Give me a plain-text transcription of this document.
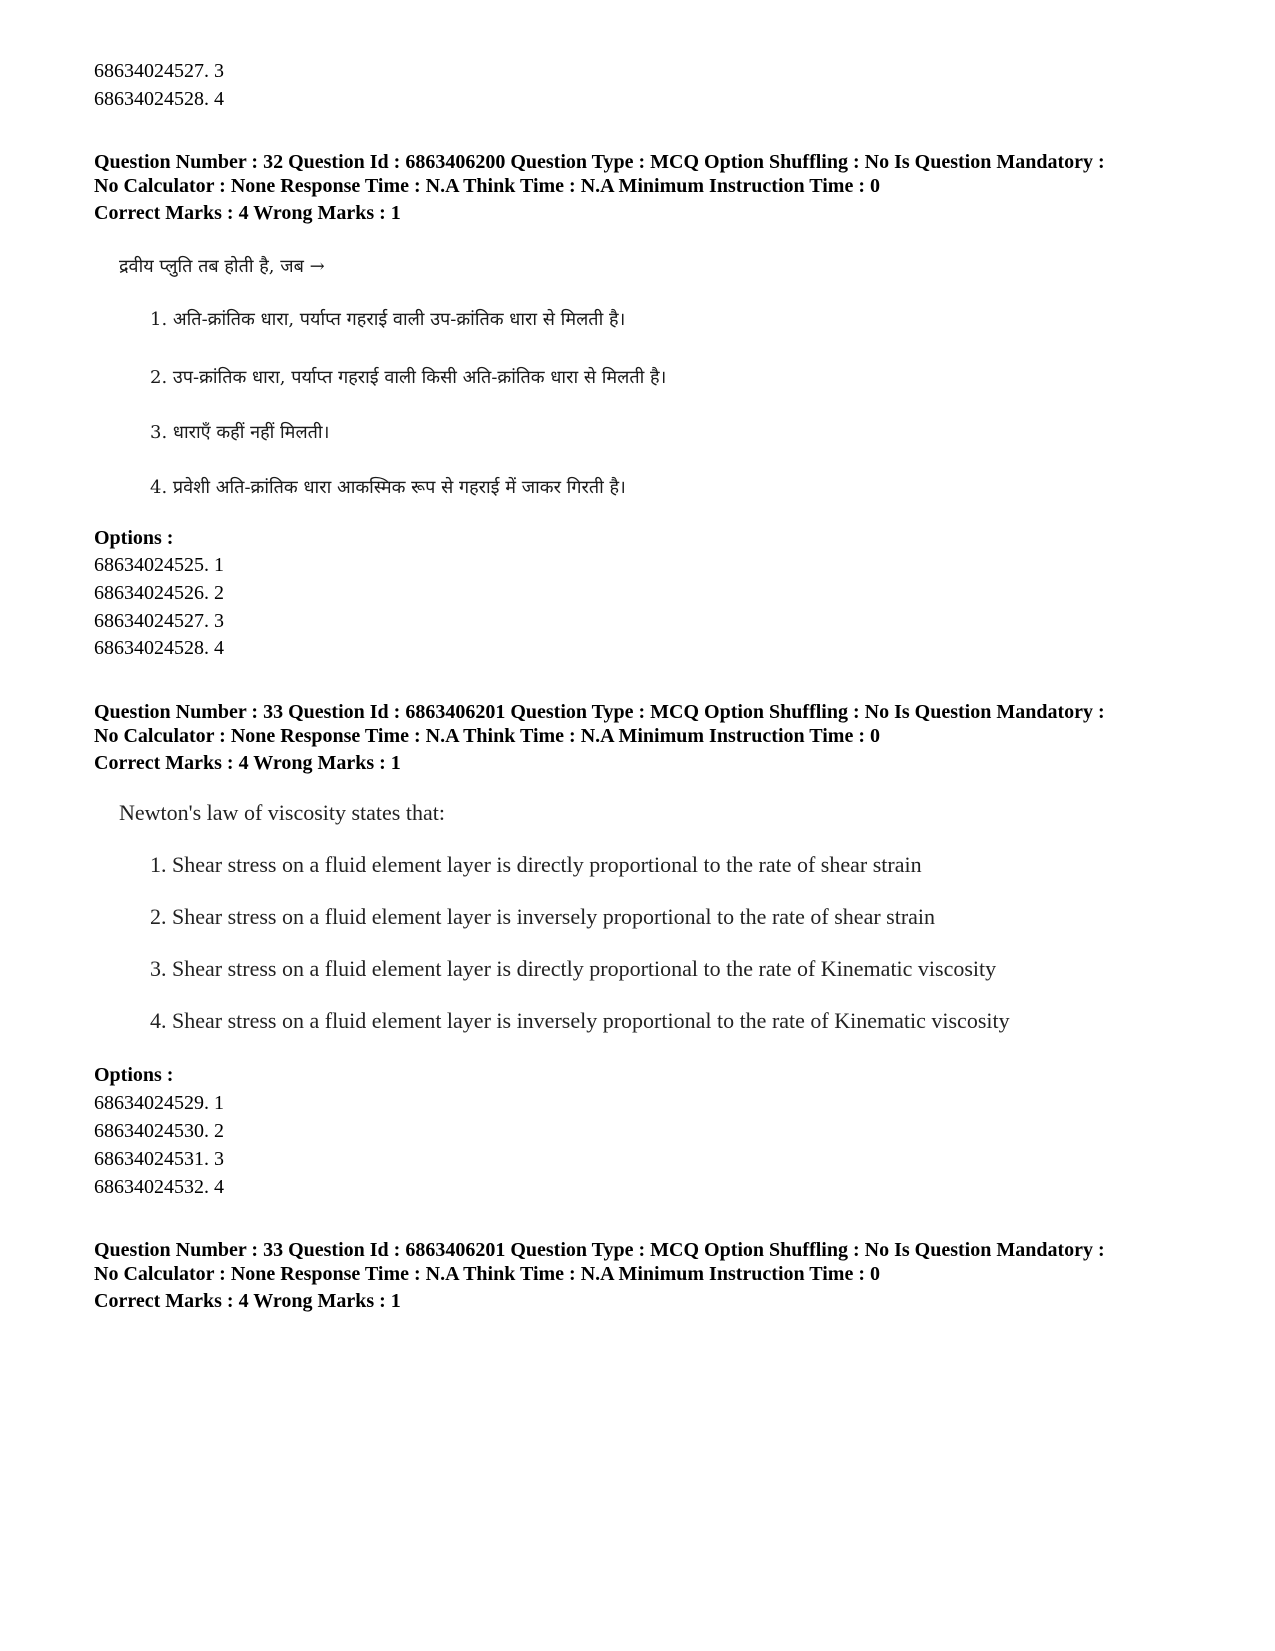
68634024527. 3
68634024528. 4
Question Number : 32 Question Id : 6863406200 Question Type : MCQ Option Shuffling : No Is Question Mandatory :
No Calculator : None Response Time : N.A Think Time : N.A Minimum Instruction Time : 0
Correct Marks : 4 Wrong Marks : 1
द्रवीय प्लुति तब होती है, जब →
1. अति-क्रांतिक धारा, पर्याप्त गहराई वाली उप-क्रांतिक धारा से मिलती है।
2. उप-क्रांतिक धारा, पर्याप्त गहराई वाली किसी अति-क्रांतिक धारा से मिलती है।
3. धाराएँ कहीं नहीं मिलती।
4. प्रवेशी अति-क्रांतिक धारा आकस्मिक रूप से गहराई में जाकर गिरती है।
Options :
68634024525. 1
68634024526. 2
68634024527. 3
68634024528. 4
Question Number : 33 Question Id : 6863406201 Question Type : MCQ Option Shuffling : No Is Question Mandatory :
No Calculator : None Response Time : N.A Think Time : N.A Minimum Instruction Time : 0
Correct Marks : 4 Wrong Marks : 1
Newton's law of viscosity states that:
1. Shear stress on a fluid element layer is directly proportional to the rate of shear strain
2. Shear stress on a fluid element layer is inversely proportional to the rate of shear strain
3. Shear stress on a fluid element layer is directly proportional to the rate of Kinematic viscosity
4. Shear stress on a fluid element layer is inversely proportional to the rate of Kinematic viscosity
Options :
68634024529. 1
68634024530. 2
68634024531. 3
68634024532. 4
Question Number : 33 Question Id : 6863406201 Question Type : MCQ Option Shuffling : No Is Question Mandatory :
No Calculator : None Response Time : N.A Think Time : N.A Minimum Instruction Time : 0
Correct Marks : 4 Wrong Marks : 1
